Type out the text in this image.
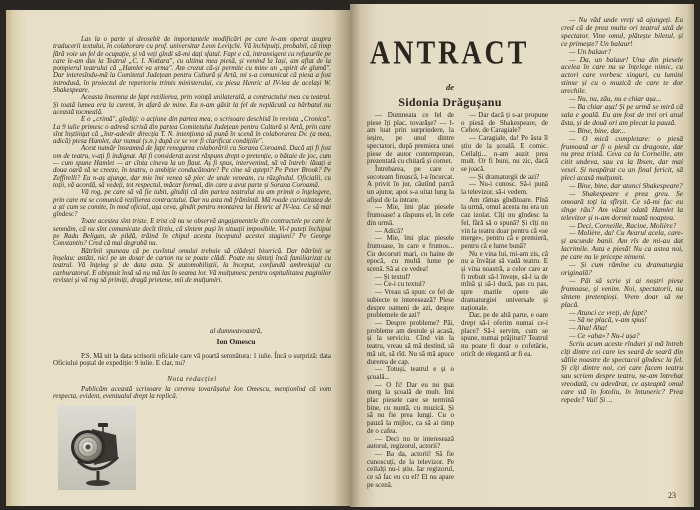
Las la o parte și deosebit de importantele modificări pe care le-am operat asupra traducerii textului, în colaborare cu prof. universitar Leon Levițchi. Vă închipuiți, probabil, că timp fără voie un fel de ocupație, și vă veți gîndi să-mi dați sfatul. Fapt e că, intransigent cu refuzurile pe care le-am dus la Teatrul „C. I. Nottara", cu ultima mea piesă, și venind la Iași, am aflat de la pompierul teatrului că „Hamlet va urma". Am crezut că-și permite cu mine un „spirit de glumă". Dar interesîndu-mă la Comitetul Județean pentru Cultură și Artă, mi s-a comunicat că piesa a fost introdusă, în proiectul de repertoriu trimis ministerului, cu piesa Henric al IV-lea de același W. Shakespeare.

Aceasta însemna de fapt rezilierea, prin voință unilaterală, a contractului meu cu teatrul. Și toată lumea era la curent, în afară de mine. Eu n-am găsit la fel de neplăcută ca bărbatul nu această tocmeală.

E o „crimă", gîndiți: o acțiune din partea mea, o scrisoare deschisă în revista „Cronica". La 9 iulie primesc o adresă scrisă din partea Comitetului Județean pentru Cultură și Artă, prin care sînt înștiințat că „într-adevăr direcția T. N. intenționa să pună în scenă în colaborarea Dv. (a mea, adică) piesa Hamlet, dar numai (s.n.) după ce se vor fi clarificat condițiile".

Acest număr înseamnă de fapt renegarea colaborării cu Sorana Coroamă. Dacă ați fi fost om de teatru, v-ați fi indignat. Ați fi considerat acest răspuns drept o pretenție, o bătaie de joc, cum — cum spune Hamlet — ar cînta cineva la un flaut. Aș fi spus, intervenind, să vă întreb: lăsați a doua oară să se creeze, în teatru, o ambiție conducătoare? Pe cine să aștept? Pe Peter Brook? Pe Zeffirelli? Eu n-aș ajunge, dar mie îmi venea să plec de unde veneam, cu răzgîndul. Oficialii, cu toții, vă acordă, să vedeți, tot respectul, măcar formal, din care a avut parte și Sorana Coroamă.

Vă rog, pe care să vă fie iubit, gîndiți că din partea teatrului nu am primit o înțelegere, prin care mi se comunică rezilierea contractului. Dar nu asta mă frămîntă. Mă roade curiozitatea de a ști cum se comite, în mod oficial, așa ceva, gîndit pentru montarea lui Henric al IV-lea. Ce să mai gîndesc?

Toate acestea sînt triste. E trist că nu se observă angajamentele din contractele pe care le semnăm, că nu sînt comunicate decît tîrziu, că sîntem puși în situații imposibile. Vi-l puteți închipui pe Radu Beligan, de pildă, trăind în chipul acesta începutul acestei stagiuni? Pe George Constantin? Cred că mai degrabă nu.

Bătrînii spuneau că pe cuvîntul omului trebuie să clădești biserică. Dar bătrînii se înșelau: astăzi, nici pe un dosar de carton nu se poate clădi. Poate nu sînteți încă familiarizat cu teatrul. Vă înțeleg și de data asta. Și automobiliștii, la început, confundă ambreiajul cu carburatorul. E obișnuit însă să nu mă las în seama lor. Vă mulțumesc pentru ospitalitatea paginilor revistei și vă rog să primiți, dragă prietene, mii de mulțumiri.

al dumneavoastră,
Ion Omescu

P.S. Mă uit la data scrisorii oficiale care vă poartă semnătura: 1 iulie. Încă o surpriză: data Oficiului poștal de expediție: 9 iulie. E clar, nu?

Nota redacției

Publicăm această scrisoare la cererea tovarășului Ion Omescu, menționînd că vom respecta, evident, eventualul drept la replică.

ANTRACT
de
Sidonia Drăgușanu

— Dumneata ce fel de piese îți plac, tovarășe? — l-am luat prin surprindere, la ieșire, pe unul dintre spectatori, după premiera unei piese de autor contemporan, prezentată cu chitară și cornet.

Întrebarea, pe care o socoteam firească, l-a încurcat. A privit în jur, căutînd parcă un ajutor, apoi s-a uitat lung la afișul de la intrare.

— Mie, îmi plac piesele frumoase! a răspuns el, în cele din urmă.

— Adică?

— Mie, îmi plac piesele frumoase, în care e frumos... Cu decoruri mari, cu haine de epocă, cu multă lume pe scenă. Să ai ce vedea!

— Și textul?

— Ce-i cu textul?

— Vreau să spun: ce fel de subiecte te interesează? Piese despre oameni de azi, despre problemele de azi?

— Despre probleme? Păi, probleme am destule și acasă, și la serviciu. Cînd vin la teatru, vreau să mă destind, să mă uit, să rîd. Nu să mă apuce durerea de cap.

— Totuși, teatrul e și o școală...

— O fi! Dar eu nu mai merg la școală de mult. Îmi plac piesele care se termină bine, cu nuntă, cu muzică. Și să nu fie prea lungi. Cu o pauză la mijloc, ca să ai timp de o cafea.

— Deci nu te interesează autorul, regizorul, actorii?

— Ba da, actorii! Să fie cunoscuți, de la televizor. Pe ceilalți nu-i știu. Iar regizorul, ce să fac eu cu el? El nu apare pe scenă.

— Dar dacă ți s-ar propune o piesă de Shakespeare, de Cehov, de Caragiale?

— Caragiale, da! Pe ăsta îl știu de la școală. E comic. Ceilalți... n-am auzit prea mult. Or fi buni, nu zic, dacă se joacă.

— Și dramaturgii de azi?

— Nu-i cunosc. Să-i pună la televizor, să-i vedem.

Am rămas gînditoare. Pînă la urmă, omul acesta nu era un caz izolat. Cîți nu gîndesc la fel, fără să o spună? Și cîți nu vin la teatru doar pentru că «se merge», pentru că e premieră, pentru că e lume bună?

Nu e vina lui, mi-am zis, că nu a învățat să vadă teatru. E și vina noastră, a celor care ar fi trebuit să-l învețe, să-l ia de mînă și să-l ducă, pas cu pas, spre marile opere ale dramaturgiei universale și naționale.

Dar, pe de altă parte, e oare drept să-i oferim numai ce-i place? Să-i servim, cum se spune, numai prăjituri? Teatrul nu poate fi doar o cofetărie, oricît de elegantă ar fi ea.

— Nu văd unde vreți să ajungeți. Eu cred că de prea multe ori teatrul uită de spectator. Vine omul, plătește biletul, și ce primește? Un balaur!

— Un balaur?

— Da, un balaur! Una din piesele acelea în care nu se înțelege nimic, cu actori care vorbesc singuri, cu lumini stinse și cu o muzică de care te dor urechile.

— Nu, nu, zău, nu e chiar așa...

— Ba chiar așa! Și pe urmă se miră că sala e goală. Eu am fost de trei ori anul ăsta, și de două ori am plecat la pauză.

— Bine, bine, dar...

— O mică completare: o piesă frumoasă ar fi o piesă cu dragoste, dar nu prea tristă. Ceva ca la Corneille, am citit undeva, sau ca la Ibsen, dar mai vesel. Și neapărat cu un final fericit, să pleci acasă mulțumit.

— Bine, bine, dar atunci Shakespeare?

— Shakespeare e prea greu. Se omoară toți la sfîrșit. Ce să-mi fac eu sînge rău? Am văzut odată Hamlet la televizor și n-am dormit toată noaptea.

— Deci, Corneille, Racine, Molière?

— Molière, da! Cu Avarul acela, care-și ascunde banii. Am rîs de mi-au dat lacrimile. Asta e piesă! Nu ca astea noi, pe care nu le pricepe nimeni.

— Și cum rămîne cu dramaturgia originală?

— Păi să scrie și ai noștri piese frumoase, și venim. Noi, spectatorii, nu sîntem pretențioși. Vrem doar să ne placă.

— Atunci ce vreți, de fapt?

— Să ne placă, v-am spus!

— Aha! Aha!

— Ce «aha»? Nu-i așa?

Scriu acum aceste rînduri și mă întreb cîți dintre cei care ies seară de seară din sălile noastre de spectacol gîndesc la fel. Și cîți dintre noi, cei care facem teatru sau scriem despre teatru, ne-am întrebat vreodată, cu adevărat, ce așteaptă omul care stă în fotoliu, în întuneric? Prea repede? Vai! Și ...

23
